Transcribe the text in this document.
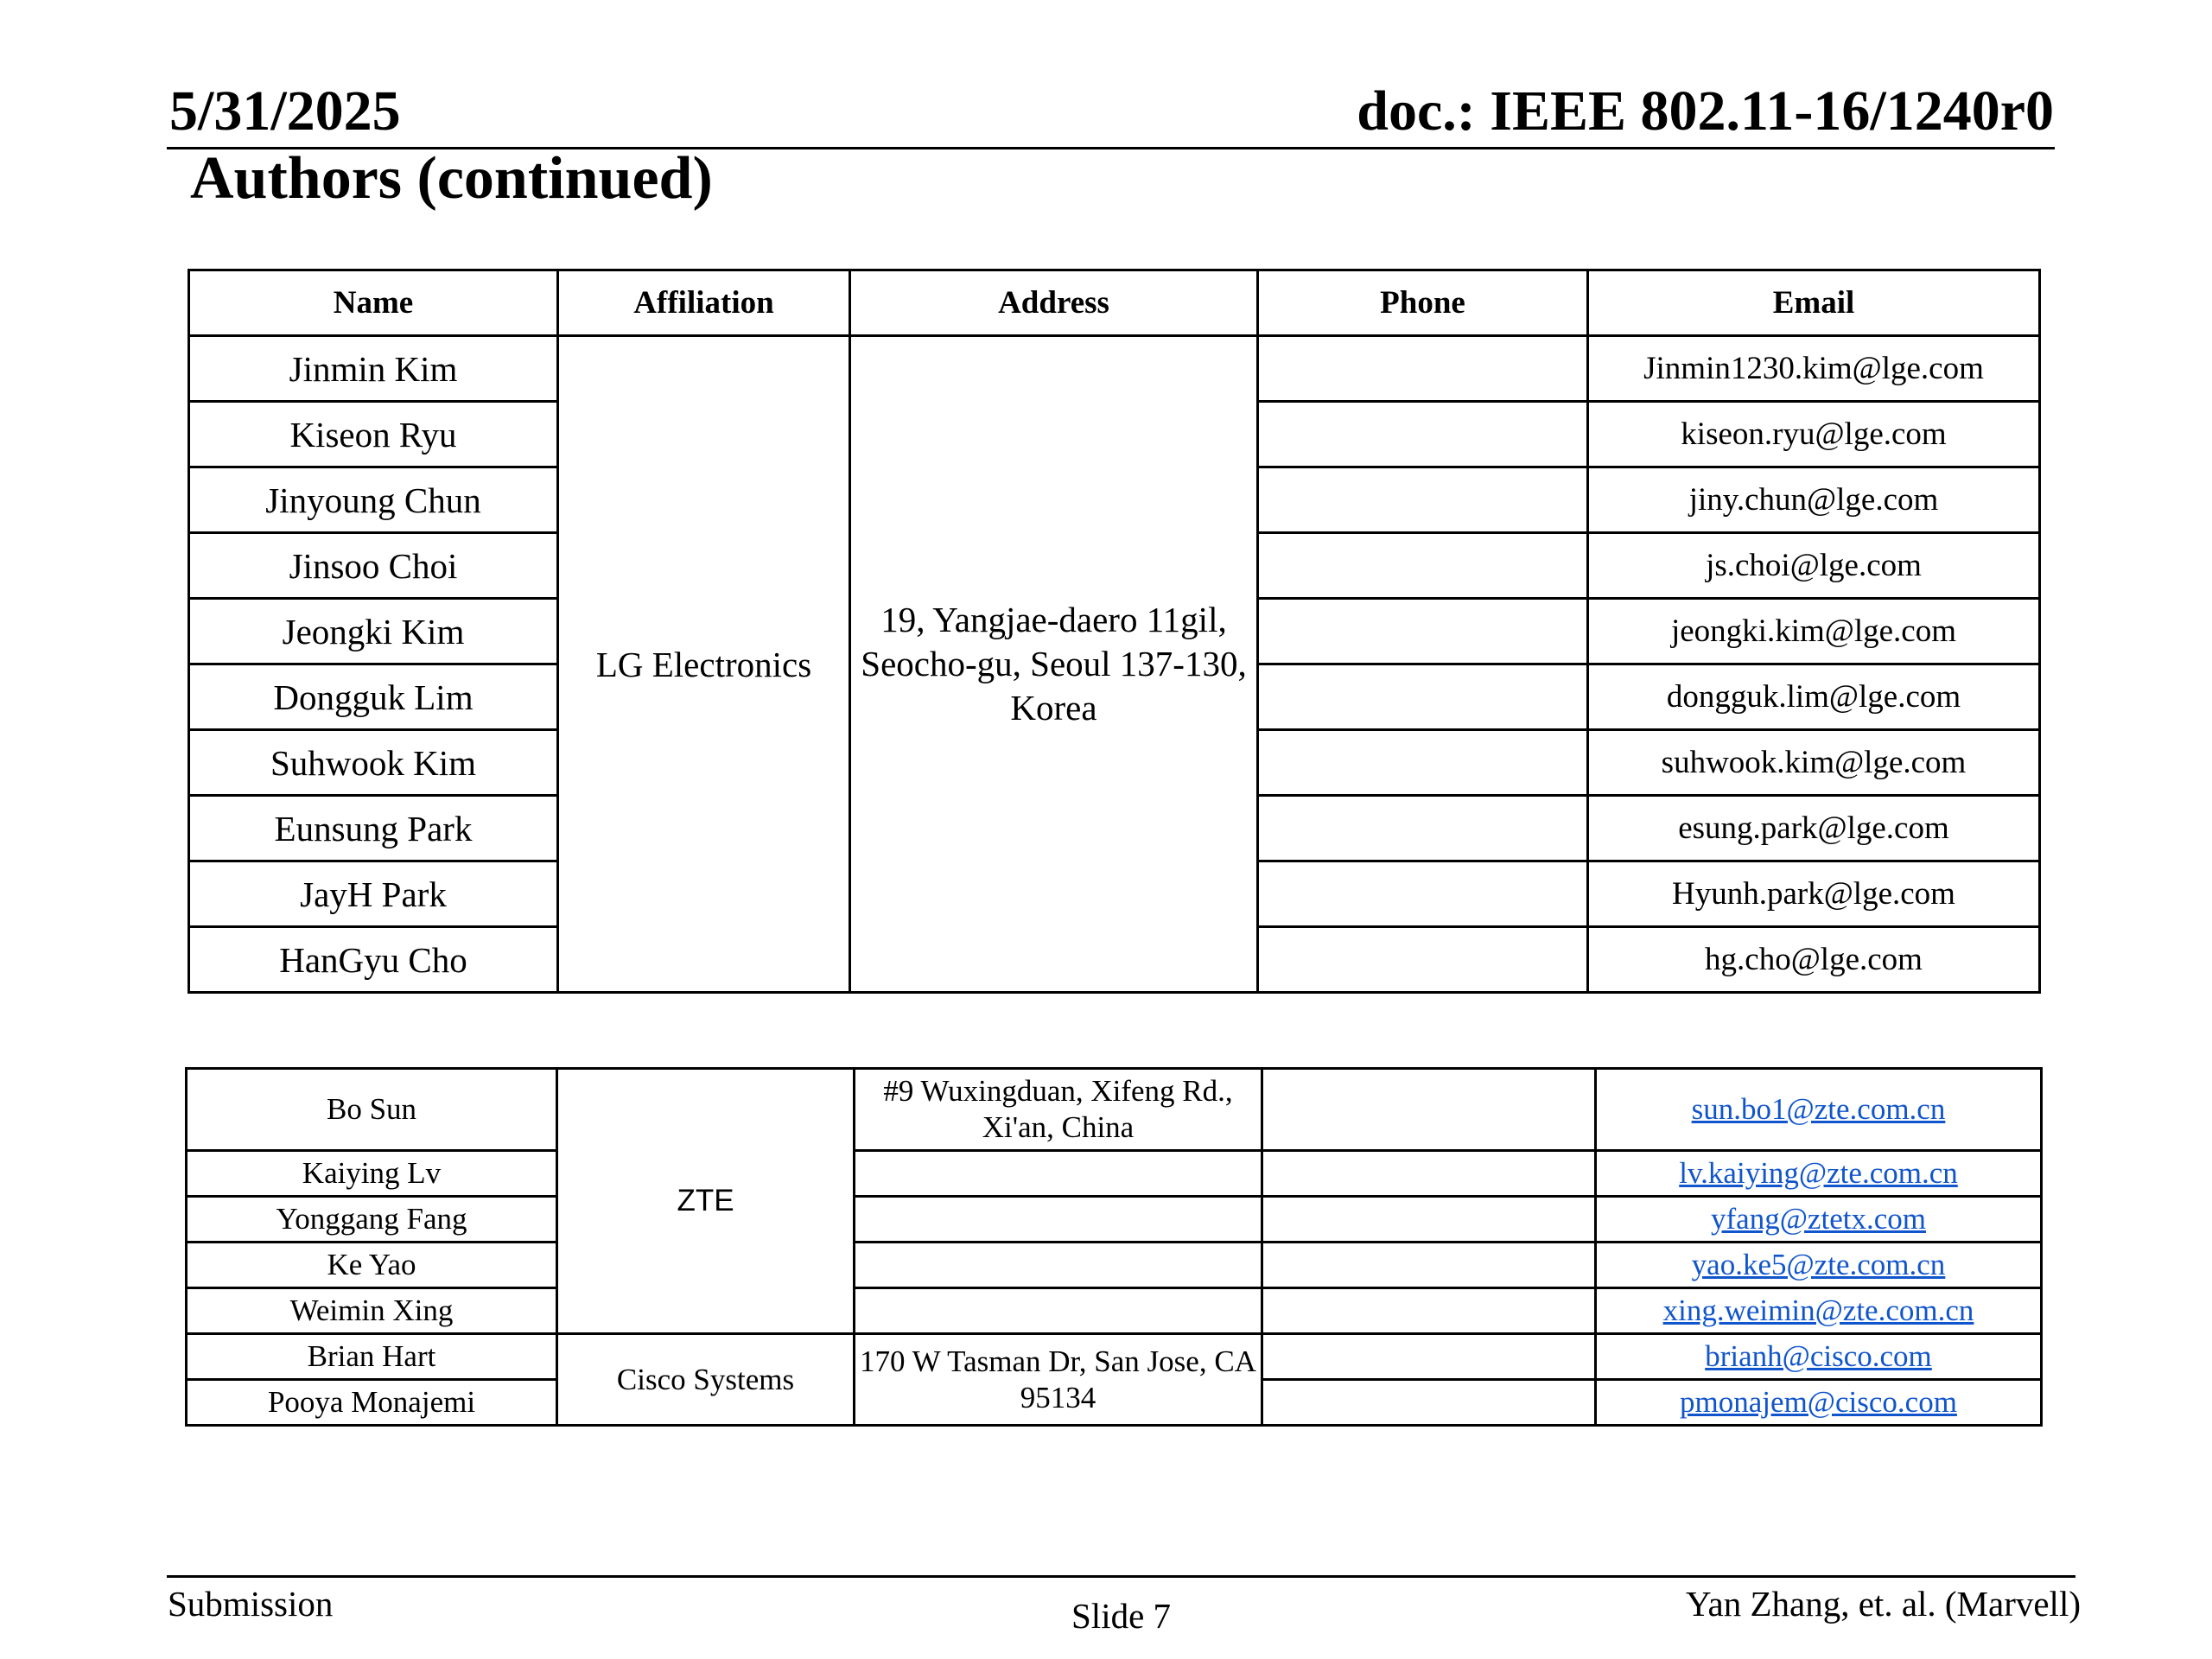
5/31/2025	doc.: IEEE 802.11-16/1240r0
Authors (continued)
Name	Affiliation	Address	Phone	Email
Jinmin Kim	LG Electronics	19, Yangjae-daero 11gil, Seocho-gu, Seoul 137-130, Korea		Jinmin1230.kim@lge.com
Kiseon Ryu				kiseon.ryu@lge.com
Jinyoung Chun				jiny.chun@lge.com
Jinsoo Choi				js.choi@lge.com
Jeongki Kim				jeongki.kim@lge.com
Dongguk Lim				dongguk.lim@lge.com
Suhwook Kim				suhwook.kim@lge.com
Eunsung Park				esung.park@lge.com
JayH Park				Hyunh.park@lge.com
HanGyu Cho				hg.cho@lge.com
Bo Sun	ZTE	#9 Wuxingduan, Xifeng Rd., Xi'an, China		sun.bo1@zte.com.cn
Kaiying Lv				lv.kaiying@zte.com.cn
Yonggang Fang				yfang@ztetx.com
Ke Yao				yao.ke5@zte.com.cn
Weimin Xing				xing.weimin@zte.com.cn
Brian Hart	Cisco Systems	170 W Tasman Dr, San Jose, CA 95134		brianh@cisco.com
Pooya Monajemi				pmonajem@cisco.com
Submission	Slide 7	Yan Zhang, et. al. (Marvell)
